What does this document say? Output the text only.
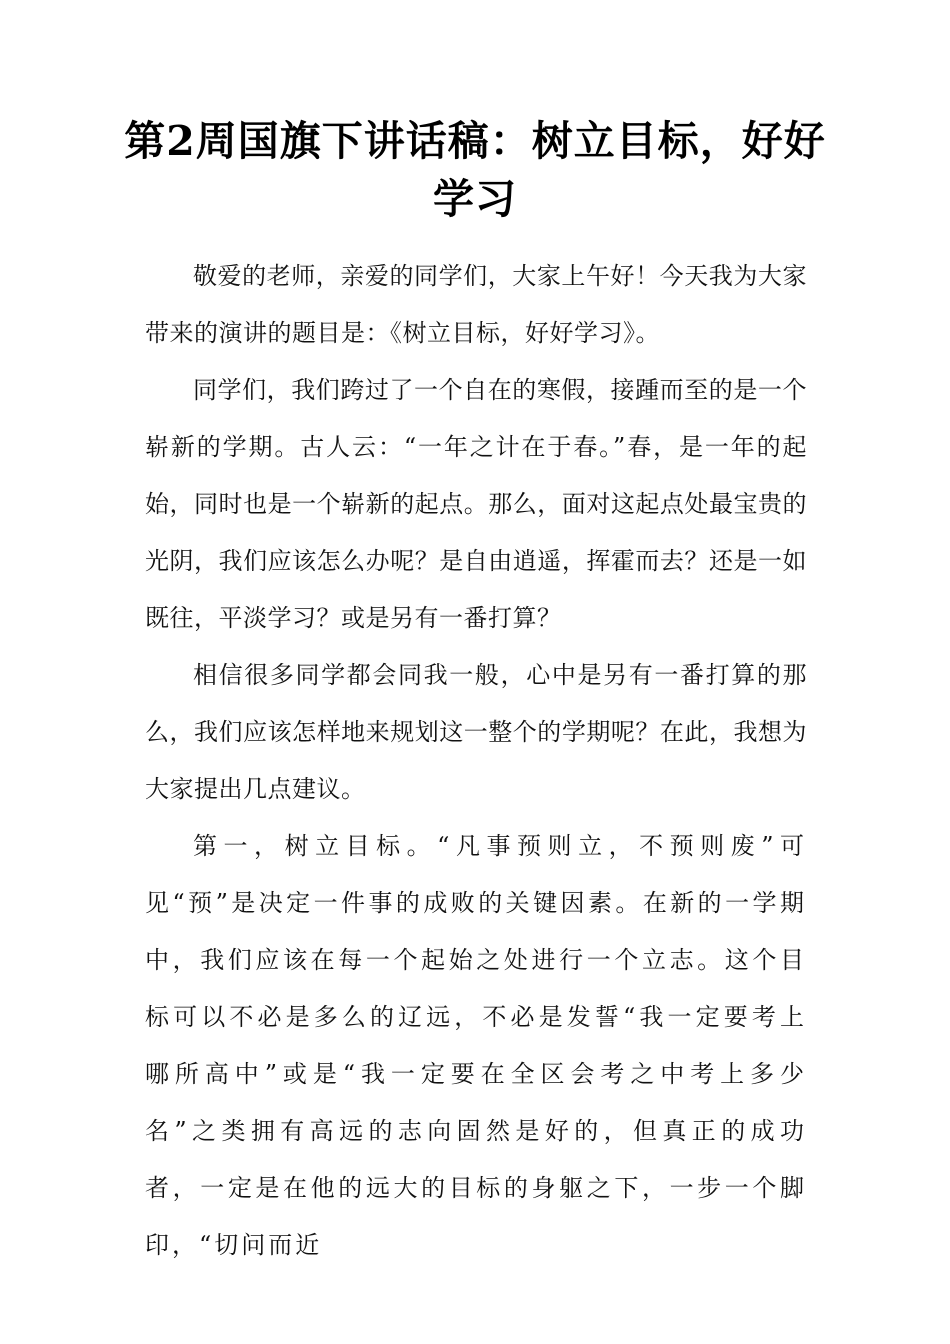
第2周国旗下讲话稿：树立目标，好好学习

敬爱的老师，亲爱的同学们，大家上午好！今天我为大家带来的演讲的题目是：《树立目标，好好学习》。

同学们，我们跨过了一个自在的寒假，接踵而至的是一个崭新的学期。古人云：“一年之计在于春。”春，是一年的起始，同时也是一个崭新的起点。那么，面对这起点处最宝贵的光阴，我们应该怎么办呢？是自由逍遥，挥霍而去？还是一如既往，平淡学习？或是另有一番打算？

相信很多同学都会同我一般，心中是另有一番打算的那么，我们应该怎样地来规划这一整个的学期呢？在此，我想为大家提出几点建议。

第一，树立目标。“凡事预则立，不预则废”可见“预”是决定一件事的成败的关键因素。在新的一学期中，我们应该在每一个起始之处进行一个立志。这个目标可以不必是多么的辽远，不必是发誓“我一定要考上哪所高中”或是“我一定要在全区会考之中考上多少名”之类拥有高远的志向固然是好的，但真正的成功者，一定是在他的远大的目标的身躯之下，一步一个脚印，“切问而近
